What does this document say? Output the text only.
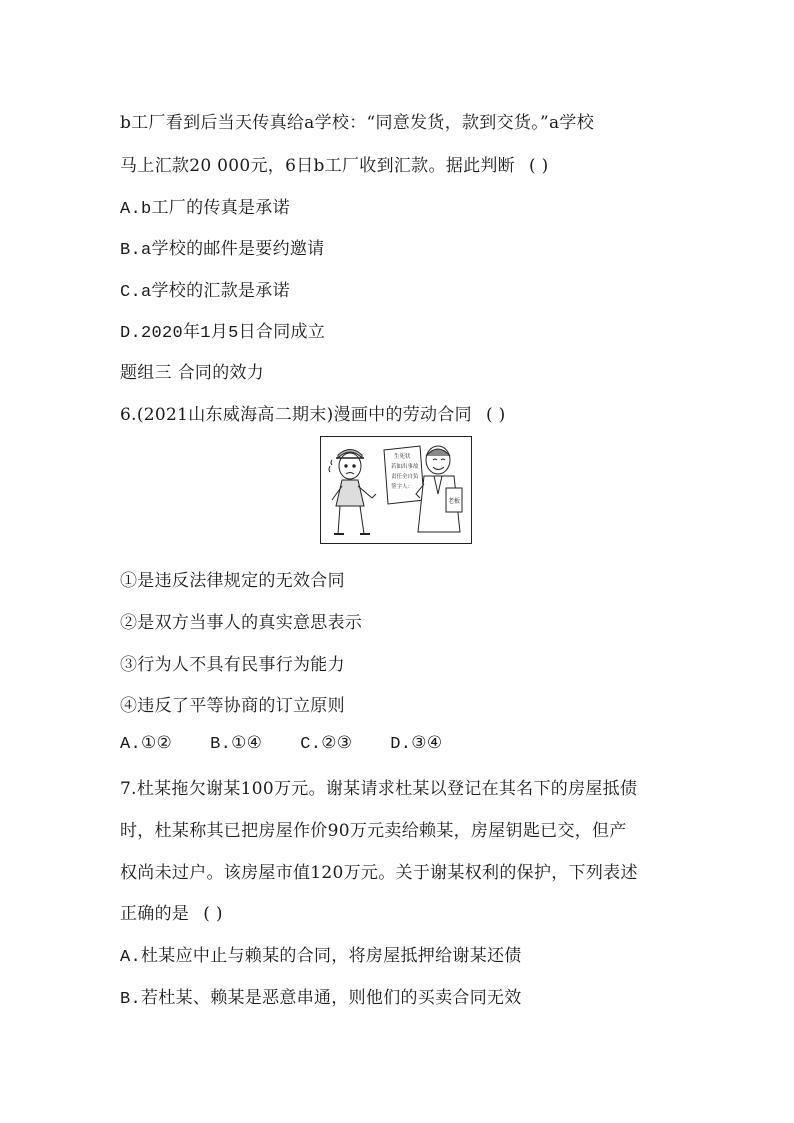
b工厂看到后当天传真给a学校：“同意发货，款到交货。”a学校
马上汇款20 000元，6日b工厂收到汇款。据此判断 ( )
A.b工厂的传真是承诺
B.a学校的邮件是要约邀请
C.a学校的汇款是承诺
D.2020年1月5日合同成立
题组三 合同的效力
6.(2021山东威海高二期末)漫画中的劳动合同 ( )
生死状
若如出事故
责任全自负
签字人：
老板
①是违反法律规定的无效合同
②是双方当事人的真实意思表示
③行为人不具有民事行为能力
④违反了平等协商的订立原则
A.①② B.①④ C.②③ D.③④
7.杜某拖欠谢某100万元。谢某请求杜某以登记在其名下的房屋抵债
时，杜某称其已把房屋作价90万元卖给赖某，房屋钥匙已交，但产
权尚未过户。该房屋市值120万元。关于谢某权利的保护，下列表述
正确的是 ( )
A.杜某应中止与赖某的合同，将房屋抵押给谢某还债
B.若杜某、赖某是恶意串通，则他们的买卖合同无效
